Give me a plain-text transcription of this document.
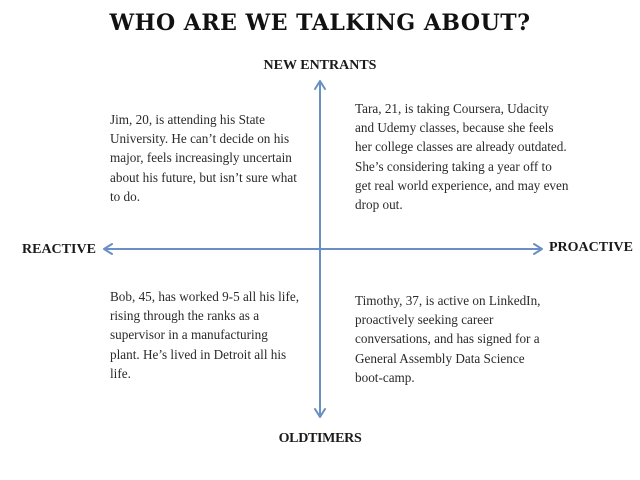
WHO ARE WE TALKING ABOUT?
NEW ENTRANTS
OLDTIMERS
REACTIVE	PROACTIVE
Jim, 20, is attending his State University. He can’t decide on his major, feels increasingly uncertain about his future, but isn’t sure what to do.
Tara, 21, is taking Coursera, Udacity and Udemy classes, because she feels her college classes are already outdated. She’s considering taking a year off to get real world experience, and may even drop out.
Bob, 45, has worked 9-5 all his life, rising through the ranks as a supervisor in a manufacturing plant. He’s lived in Detroit all his life.
Timothy, 37, is active on LinkedIn, proactively seeking career conversations, and has signed for a General Assembly Data Science boot-camp.
